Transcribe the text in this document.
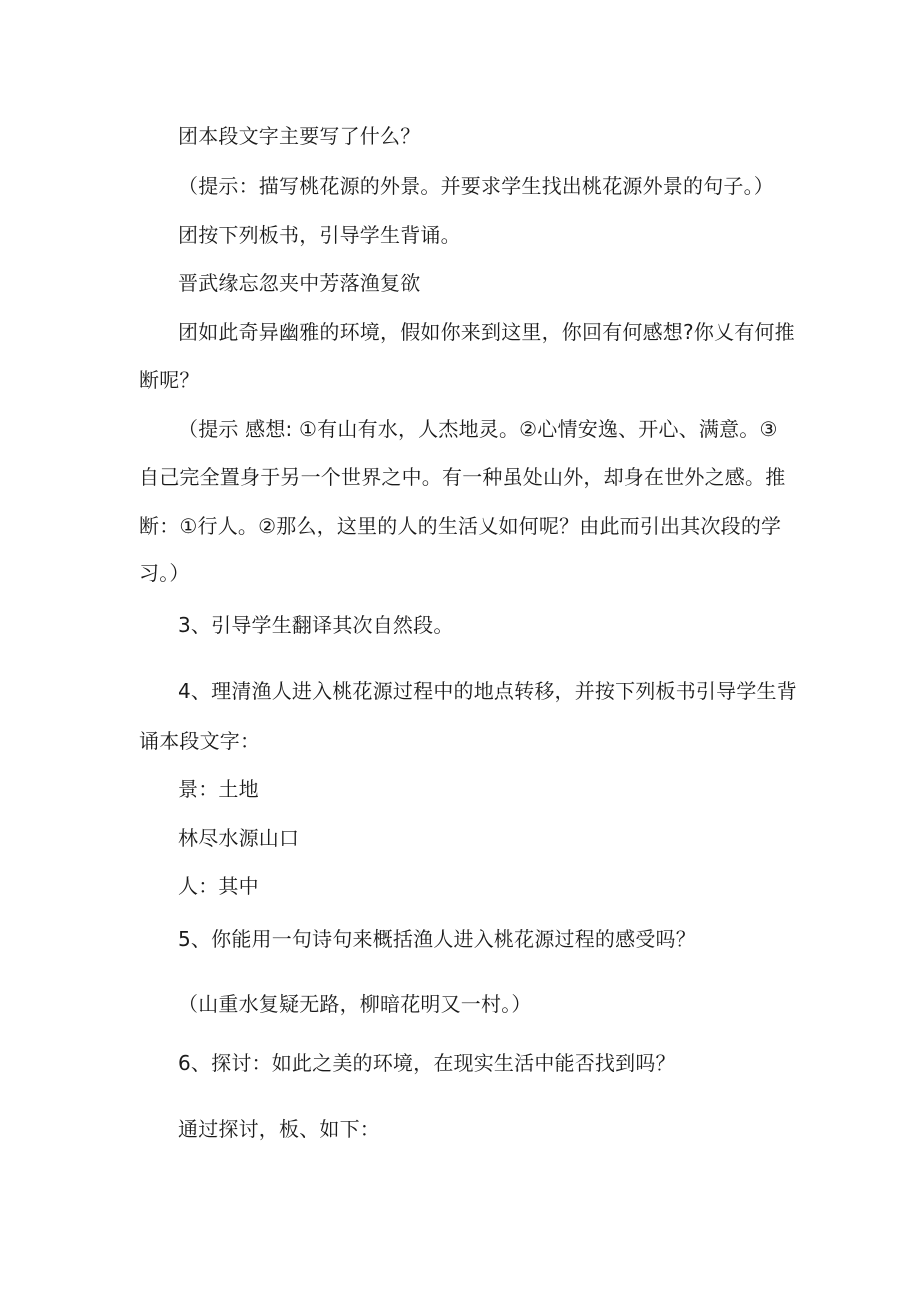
团本段文字主要写了什么？
（提示：描写桃花源的外景。并要求学生找出桃花源外景的句子。）
团按下列板书，引导学生背诵。
晋武缘忘忽夹中芳落渔复欲
团如此奇异幽雅的环境，假如你来到这里，你回有何感想?你乂有何推
断呢？
（提示 感想: ①有山有水，人杰地灵。②心情安逸、开心、满意。③
自己完全置身于另一个世界之中。有一种虽处山外，却身在世外之感。推
断：①行人。②那么，这里的人的生活乂如何呢？由此而引出其次段的学
习。）
3、引导学生翻译其次自然段。
4、理清渔人进入桃花源过程中的地点转移，并按下列板书引导学生背
诵本段文字：
景：土地
林尽水源山口
人：其中
5、你能用一句诗句来概括渔人进入桃花源过程的感受吗？
（山重水复疑无路，柳暗花明又一村。）
6、探讨：如此之美的环境，在现实生活中能否找到吗？
通过探讨，板、如下：
